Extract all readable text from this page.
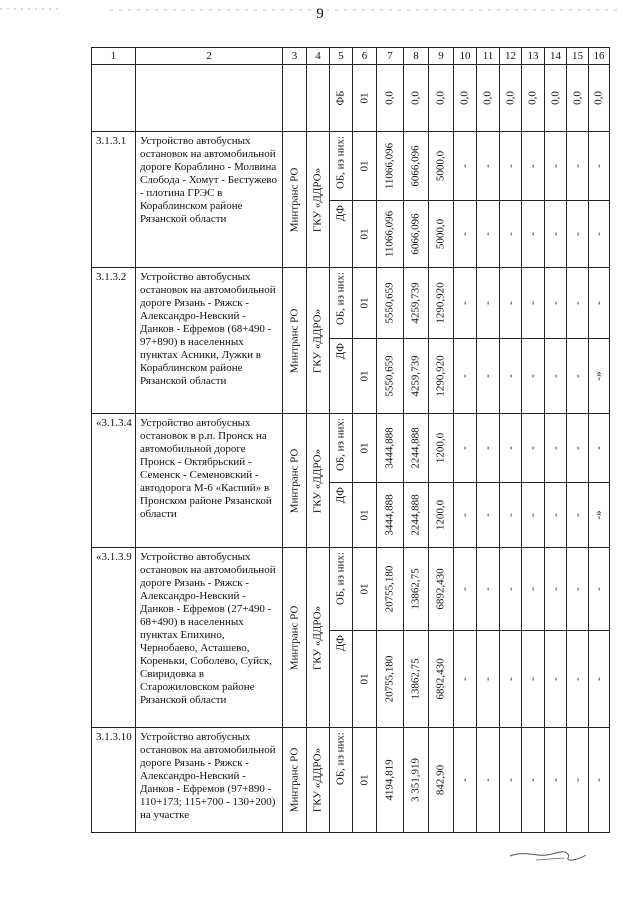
9
1	2	3	4	5	6	7	8	9	10	11	12	13	14	15	16

				ФБ	01	0,0	0,0	0,0	0,0	0,0	0,0	0,0	0,0	0,0	0,0

3.1.3.1	Устройство автобусных остановок на автомобильной дороге Кораблино - Молвина Слобода - Хомут - Бестужево - плотина ГРЭС в Кораблинском районе Рязанской области	Минтранс РО	ГКУ «ДДРО»	ОБ, из них:	01	11066,096	6066,096	5000,0	-	-	-	-	-	-	-

				ДФ	01	11066,096	6066,096	5000,0	-	-	-	-	-	-	-

3.1.3.2	Устройство автобусных остановок на автомобильной дороге Рязань - Ряжск - Александро-Невский - Данков - Ефремов (68+490 - 97+890) в населенных пунктах Асники, Лужки в Кораблинском районе Рязанской области	Минтранс РО	ГКУ «ДДРО»	ОБ, из них:	01	5550,659	4259,739	1290,920	-	-	-	-	-	-	-

				ДФ	01	5550,659	4259,739	1290,920	-	-	-	-	-	-	-»

«3.1.3.4	Устройство автобусных остановок в р.п. Пронск на автомобильной дороге Пронск - Октябрьский - Семенск - Семеновский - автодорога М-6 «Каспий» в Пронском районе Рязанской области	Минтранс РО	ГКУ «ДДРО»	ОБ, из них:	01	3444,888	2244,888	1200,0	-	-	-	-	-	-	-

				ДФ	01	3444,888	2244,888	1200,0	-	-	-	-	-	-	-»

«3.1.3.9	Устройство автобусных остановок на автомобильной дороге Рязань - Ряжск - Александро-Невский - Данков - Ефремов (27+490 - 68+490) в населенных пунктах Епихино, Чернобаево, Асташево, Кореньки, Соболево, Суйск, Свиридовка в Старожиловском районе Рязанской области	Минтранс РО	ГКУ «ДДРО»	ОБ, из них:	01	20755,180	13862,75	6892,430	-	-	-	-	-	-	-

				ДФ	01	20755,180	13862,75	6892,430	-	-	-	-	-	-	-

3.1.3.10	Устройство автобусных остановок на автомобильной дороге Рязань - Ряжск - Александро-Невский - Данков - Ефремов (97+890 - 110+173; 115+700 - 130+200) на участке	Минтранс РО	ГКУ «ДДРО»	ОБ, из них:	01	4194,819	3 351,919	842,90	-	-	-	-	-	-	-
